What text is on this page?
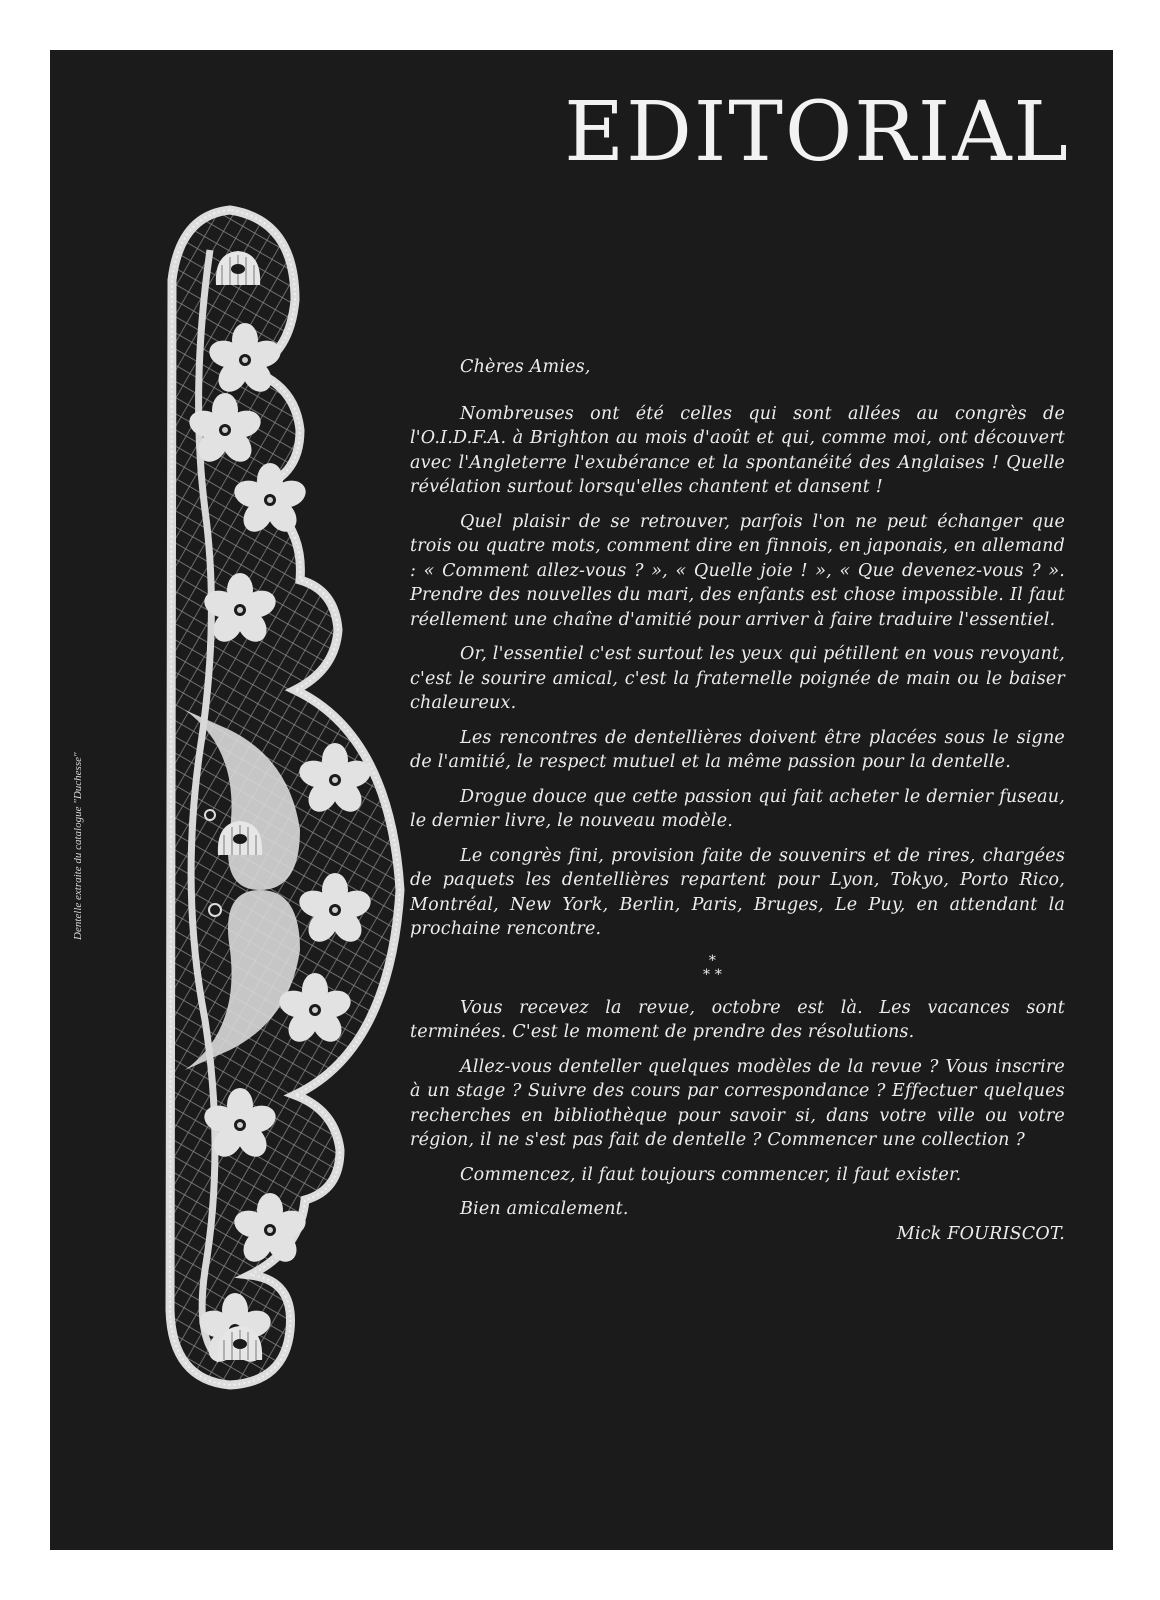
EDITORIAL
Dentelle extraite du catalogue "Duchesse"
Chères Amies,

Nombreuses ont été celles qui sont allées au congrès de l'O.I.D.F.A. à Brighton au mois d'août et qui, comme moi, ont découvert avec l'Angleterre l'exubérance et la spontanéité des Anglaises ! Quelle révélation surtout lorsqu'elles chantent et dansent !

Quel plaisir de se retrouver, parfois l'on ne peut échanger que trois ou quatre mots, comment dire en finnois, en japonais, en allemand : « Comment allez-vous ? », « Quelle joie ! », « Que devenez-vous ? ». Prendre des nouvelles du mari, des enfants est chose impossible. Il faut réellement une chaîne d'amitié pour arriver à faire traduire l'essentiel.

Or, l'essentiel c'est surtout les yeux qui pétillent en vous revoyant, c'est le sourire amical, c'est la fraternelle poignée de main ou le baiser chaleureux.

Les rencontres de dentellières doivent être placées sous le signe de l'amitié, le respect mutuel et la même passion pour la dentelle.

Drogue douce que cette passion qui fait acheter le dernier fuseau, le dernier livre, le nouveau modèle.

Le congrès fini, provision faite de souvenirs et de rires, chargées de paquets les dentellières repartent pour Lyon, Tokyo, Porto Rico, Montréal, New York, Berlin, Paris, Bruges, Le Puy, en attendant la prochaine rencontre.

*
* *

Vous recevez la revue, octobre est là. Les vacances sont terminées. C'est le moment de prendre des résolutions.

Allez-vous denteller quelques modèles de la revue ? Vous inscrire à un stage ? Suivre des cours par correspondance ? Effectuer quelques recherches en bibliothèque pour savoir si, dans votre ville ou votre région, il ne s'est pas fait de dentelle ? Commencer une collection ?

Commencez, il faut toujours commencer, il faut exister.

Bien amicalement.
Mick FOURISCOT.
